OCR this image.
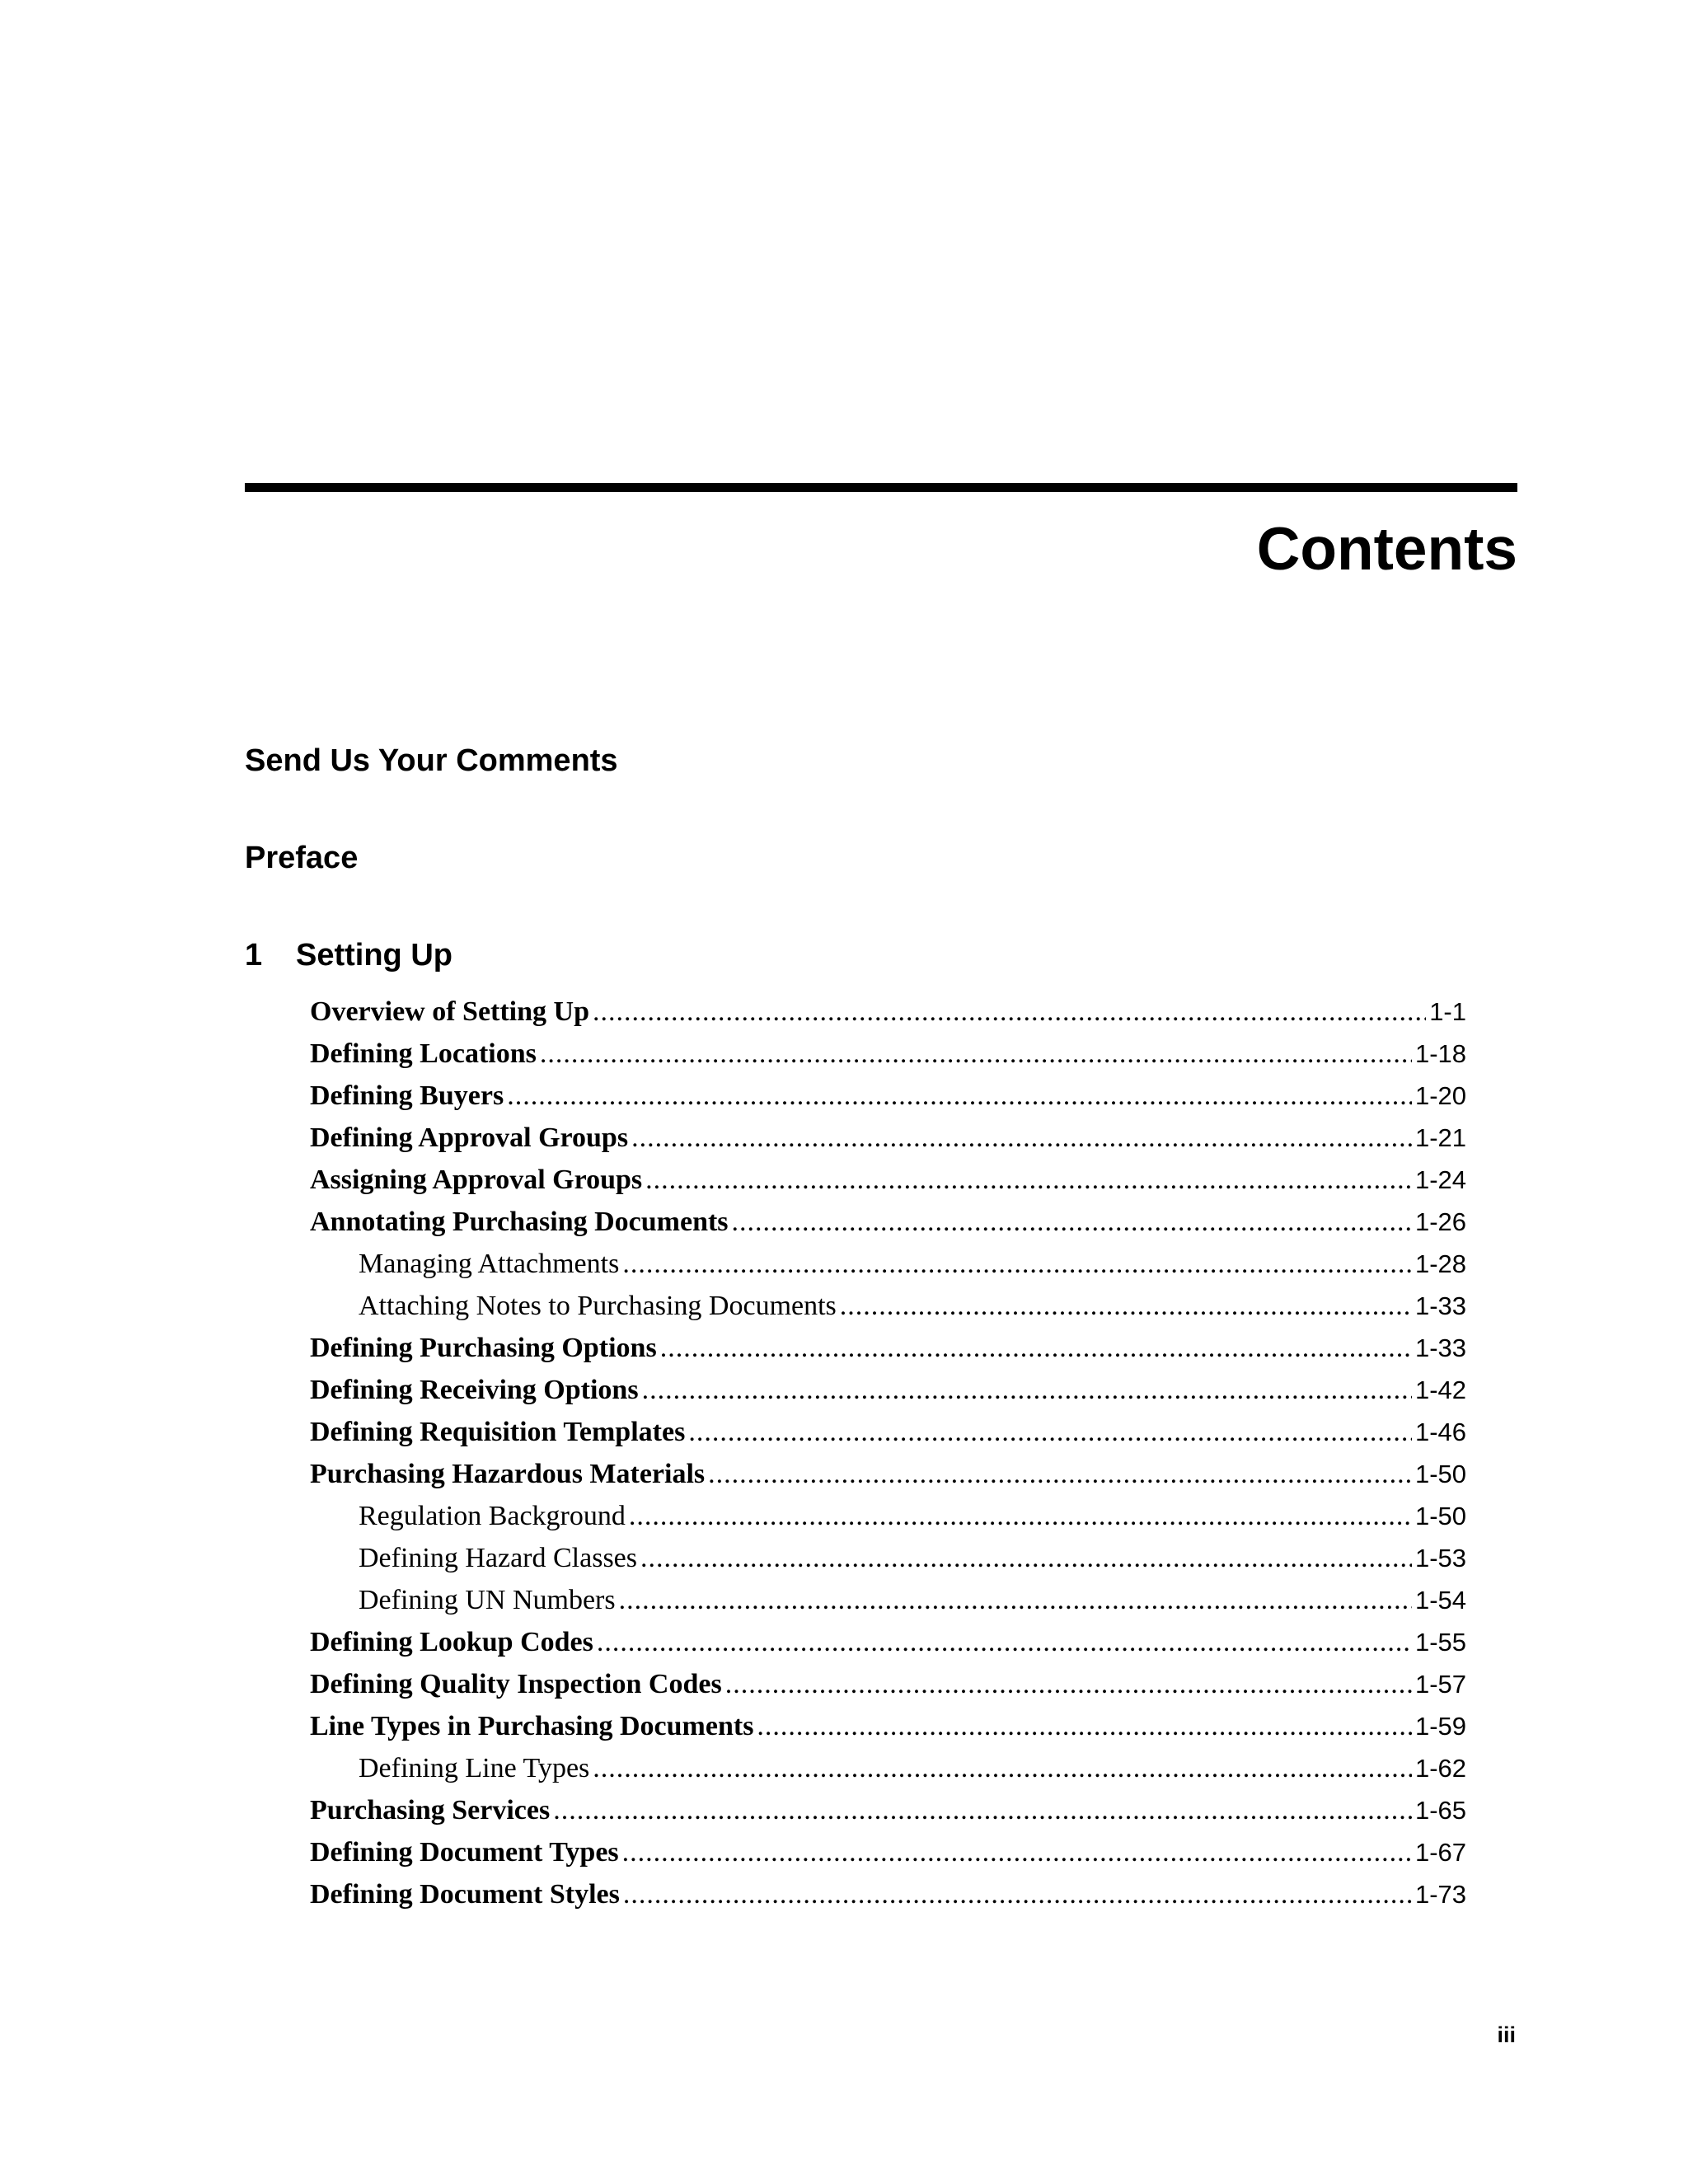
Contents
Send Us Your Comments
Preface
1 Setting Up
Overview of Setting Up .....	1-1
Defining Locations .....	1-18
Defining Buyers .....	1-20
Defining Approval Groups .....	1-21
Assigning Approval Groups .....	1-24
Annotating Purchasing Documents .....	1-26
Managing Attachments .....	1-28
Attaching Notes to Purchasing Documents .....	1-33
Defining Purchasing Options .....	1-33
Defining Receiving Options .....	1-42
Defining Requisition Templates .....	1-46
Purchasing Hazardous Materials .....	1-50
Regulation Background .....	1-50
Defining Hazard Classes .....	1-53
Defining UN Numbers .....	1-54
Defining Lookup Codes .....	1-55
Defining Quality Inspection Codes .....	1-57
Line Types in Purchasing Documents .....	1-59
Defining Line Types .....	1-62
Purchasing Services .....	1-65
Defining Document Types .....	1-67
Defining Document Styles .....	1-73
iii
